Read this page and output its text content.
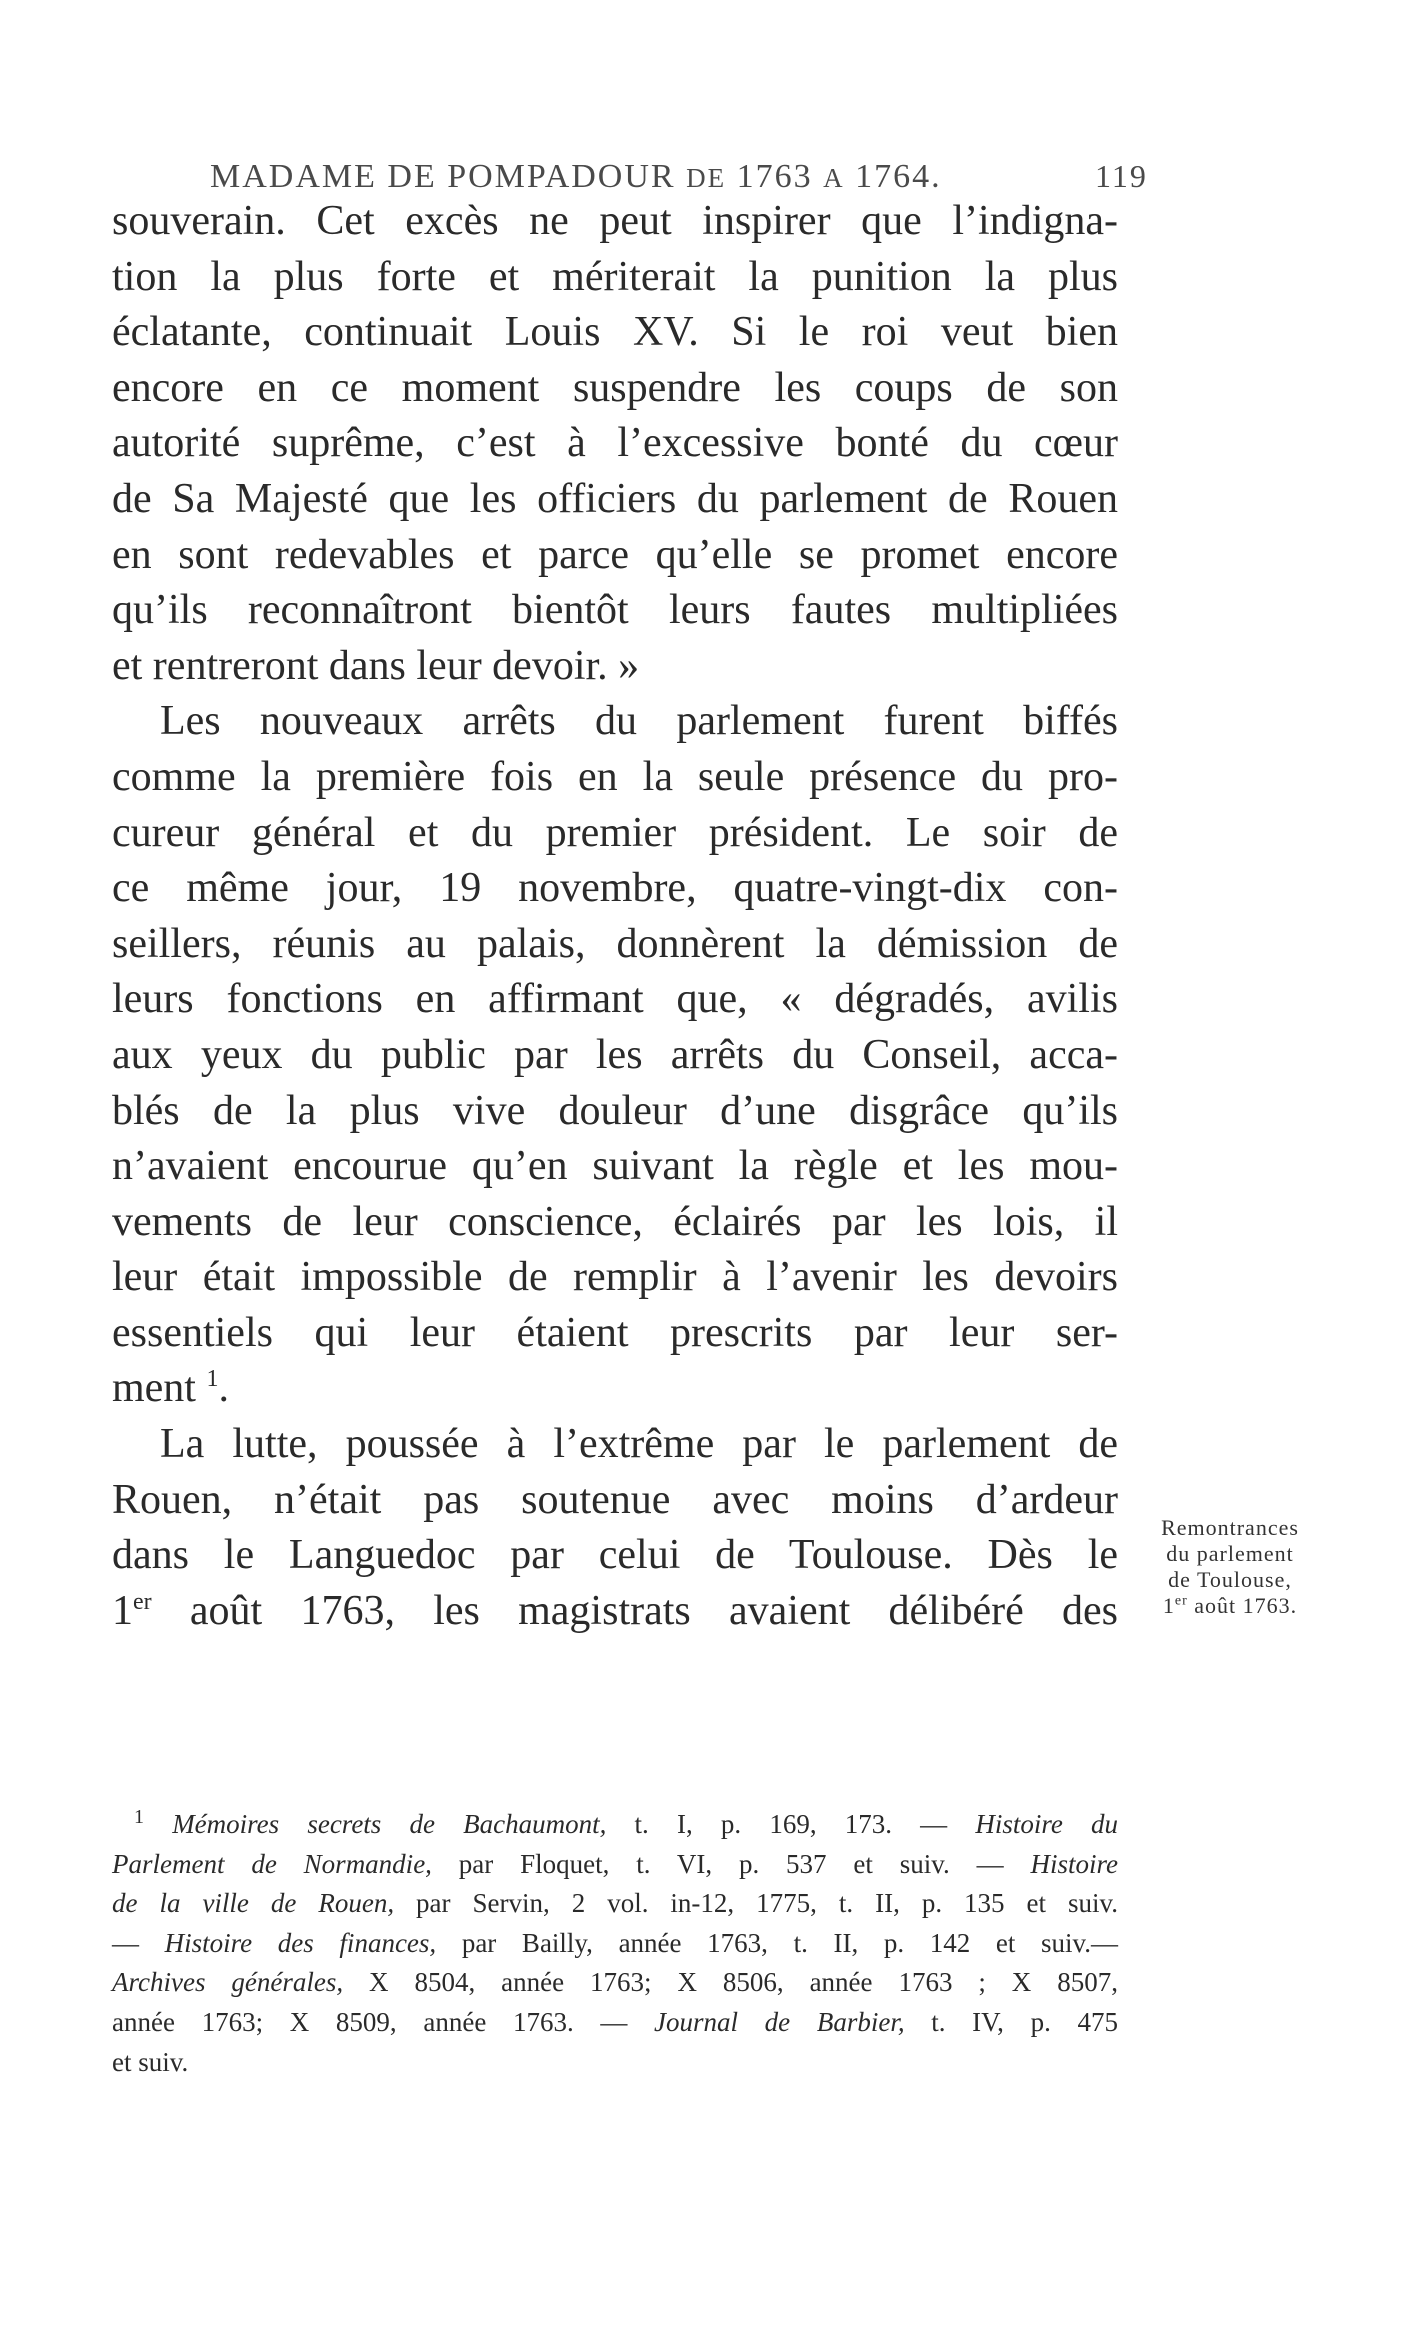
MADAME DE POMPADOUR DE 1763 A 1764.	119
souverain. Cet excès ne peut inspirer que l’indigna-
tion la plus forte et mériterait la punition la plus
éclatante, continuait Louis XV. Si le roi veut bien
encore en ce moment suspendre les coups de son
autorité suprême, c’est à l’excessive bonté du cœur
de Sa Majesté que les officiers du parlement de Rouen
en sont redevables et parce qu’elle se promet encore
qu’ils reconnaîtront bientôt leurs fautes multipliées
et rentreront dans leur devoir. »
Les nouveaux arrêts du parlement furent biffés
comme la première fois en la seule présence du pro-
cureur général et du premier président. Le soir de
ce même jour, 19 novembre, quatre-vingt-dix con-
seillers, réunis au palais, donnèrent la démission de
leurs fonctions en affirmant que, « dégradés, avilis
aux yeux du public par les arrêts du Conseil, acca-
blés de la plus vive douleur d’une disgrâce qu’ils
n’avaient encourue qu’en suivant la règle et les mou-
vements de leur conscience, éclairés par les lois, il
leur était impossible de remplir à l’avenir les devoirs
essentiels qui leur étaient prescrits par leur ser-
ment $^1$.
La lutte, poussée à l’extrême par le parlement de
Rouen, n’était pas soutenue avec moins d’ardeur
dans le Languedoc par celui de Toulouse. Dès le
1er août 1763, les magistrats avaient délibéré des
Remontrances
du parlement
de Toulouse,
1er août 1763.
$^1$ Mémoires secrets de Bachaumont, t. I, p. 169, 173. — Histoire du
Parlement de Normandie, par Floquet, t. VI, p. 537 et suiv. — Histoire
de la ville de Rouen, par Servin, 2 vol. in-12, 1775, t. II, p. 135 et suiv.
— Histoire des finances, par Bailly, année 1763, t. II, p. 142 et suiv.—
Archives générales, X 8504, année 1763; X 8506, année 1763 ; X 8507,
année 1763; X 8509, année 1763. — Journal de Barbier, t. IV, p. 475
et suiv.
